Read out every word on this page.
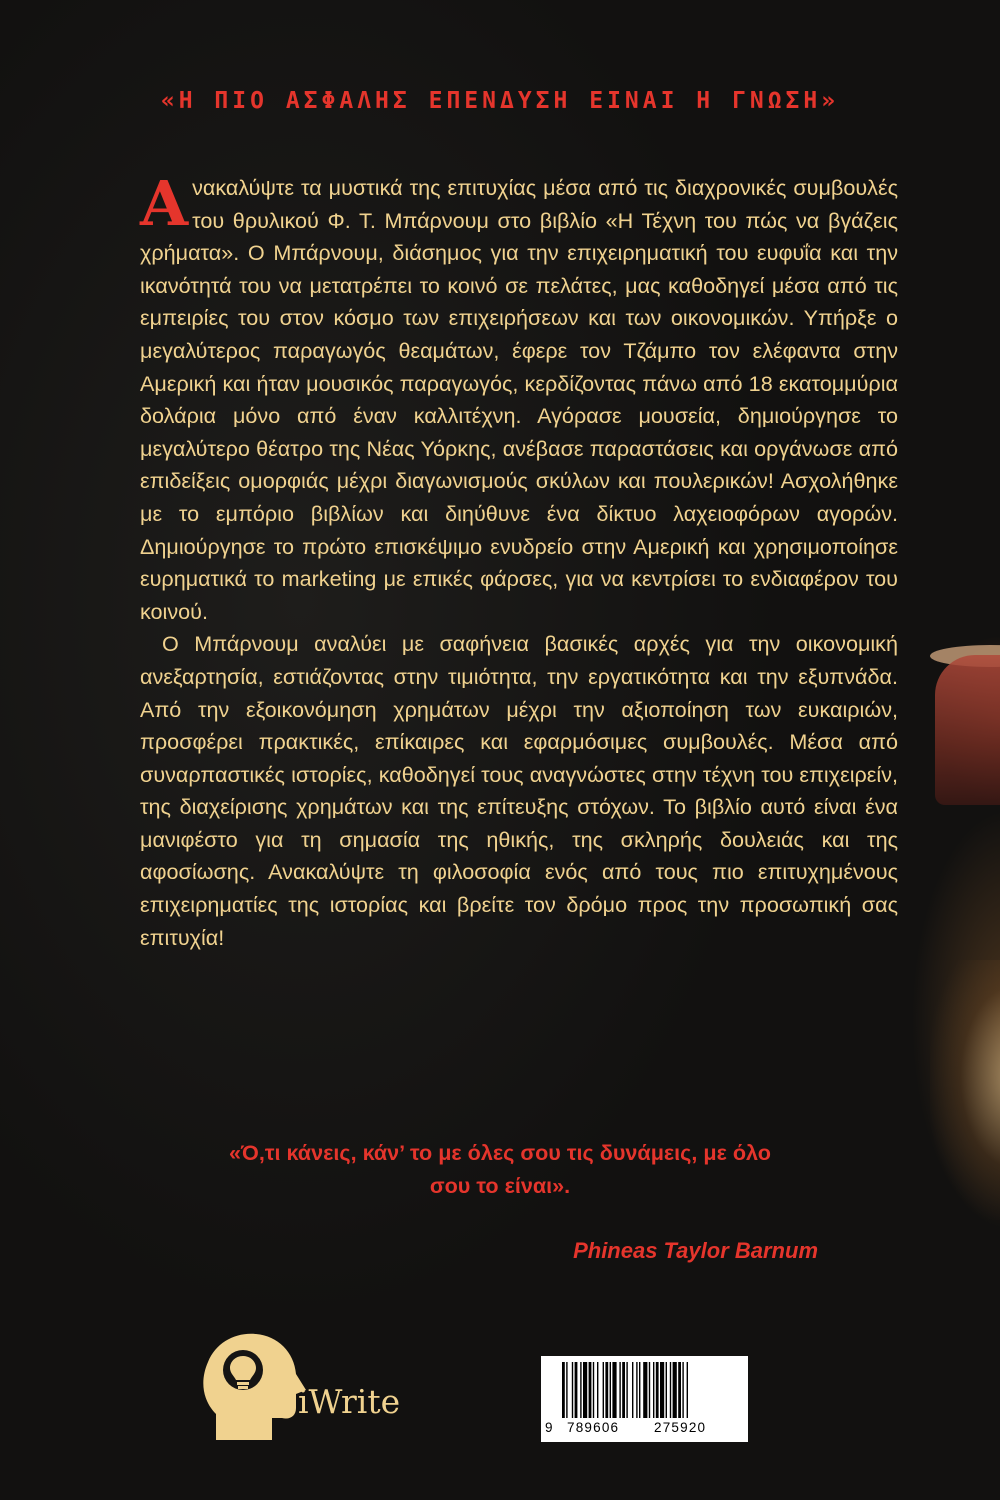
«Η ΠΙΟ ΑΣΦΑΛΗΣ ΕΠΕΝΔΥΣΗ ΕΙΝΑΙ Η ΓΝΩΣΗ»

Ανακαλύψτε τα μυστικά της επιτυχίας μέσα από τις διαχρονικές συμβουλές του θρυλικού Φ. Τ. Μπάρνουμ στο βιβλίο «Η Τέχνη του πώς να βγάζεις χρήματα». Ο Μπάρνουμ, διάσημος για την επιχειρηματική του ευφυΐα και την ικανότητά του να μετατρέπει το κοινό σε πελάτες, μας καθοδηγεί μέσα από τις εμπειρίες του στον κόσμο των επιχειρήσεων και των οικονομικών. Υπήρξε ο μεγαλύτερος παραγωγός θεαμάτων, έφερε τον Τζάμπο τον ελέφαντα στην Αμερική και ήταν μουσικός παραγωγός, κερδίζοντας πάνω από 18 εκατομμύρια δολάρια μόνο από έναν καλλιτέχνη. Αγόρασε μουσεία, δημιούργησε το μεγαλύτερο θέατρο της Νέας Υόρκης, ανέβασε παραστάσεις και οργάνωσε από επιδείξεις ομορφιάς μέχρι διαγωνισμούς σκύλων και πουλερικών! Ασχολήθηκε με το εμπόριο βιβλίων και διηύθυνε ένα δίκτυο λαχειοφόρων αγορών. Δημιούργησε το πρώτο επισκέψιμο ενυδρείο στην Αμερική και χρησιμοποίησε ευρηματικά το marketing με επικές φάρσες, για να κεντρίσει το ενδιαφέρον του κοινού.

Ο Μπάρνουμ αναλύει με σαφήνεια βασικές αρχές για την οικονομική ανεξαρτησία, εστιάζοντας στην τιμιότητα, την εργατικότητα και την εξυπνάδα. Από την εξοικονόμηση χρημάτων μέχρι την αξιοποίηση των ευκαιριών, προσφέρει πρακτικές, επίκαιρες και εφαρμόσιμες συμβουλές. Μέσα από συναρπαστικές ιστορίες, καθοδηγεί τους αναγνώστες στην τέχνη του επιχειρείν, της διαχείρισης χρημάτων και της επίτευξης στόχων. Το βιβλίο αυτό είναι ένα μανιφέστο για τη σημασία της ηθικής, της σκληρής δουλειάς και της αφοσίωσης. Ανακαλύψτε τη φιλοσοφία ενός από τους πιο επιτυχημένους επιχειρηματίες της ιστορίας και βρείτε τον δρόμο προς την προσωπική σας επιτυχία!

«Ό,τι κάνεις, κάν’ το με όλες σου τις δυνάμεις, με όλο
σου το είναι».
Phineas Taylor Barnum
iWrite
9 789606	275920
